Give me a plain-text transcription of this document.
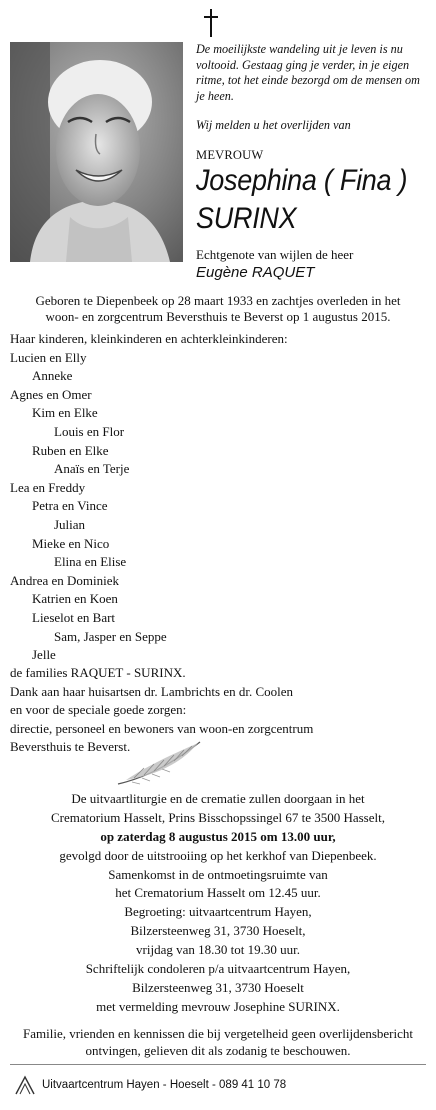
De moeilijkste wandeling uit je leven is nu voltooid. Gestaag ging je verder, in je eigen ritme, tot het einde bezorgd om de mensen om je heen.

Wij melden u het overlijden van

MEVROUW
Josephina ( Fina )
SURINX
Echtgenote van wijlen de heer
Eugène RAQUET

Geboren te Diepenbeek op 28 maart 1933 en zachtjes overleden in het

woon- en zorgcentrum Beversthuis te Beverst op 1 augustus 2015.

Haar kinderen, kleinkinderen en achterkleinkinderen:
Lucien en Elly
Anneke
Agnes en Omer
Kim en Elke
Louis en Flor
Ruben en Elke
Anaïs en Terje
Lea en Freddy
Petra en Vince
Julian
Mieke en Nico
Elina en Elise
Andrea en Dominiek
Katrien en Koen
Lieselot en Bart
Sam, Jasper en Seppe
Jelle
de families RAQUET - SURINX.
Dank aan haar huisartsen dr. Lambrichts en dr. Coolen
en voor de speciale goede zorgen:
directie, personeel en bewoners van woon-en zorgcentrum
Beversthuis te Beverst.
De uitvaartliturgie en de crematie zullen doorgaan in het
Crematorium Hasselt, Prins Bisschopssingel 67 te 3500 Hasselt,
op zaterdag 8 augustus 2015 om 13.00 uur,
gevolgd door de uitstrooiing op het kerkhof van Diepenbeek.
Samenkomst in de ontmoetingsruimte van
het Crematorium Hasselt om 12.45 uur.
Begroeting: uitvaartcentrum Hayen,
Bilzersteenweg 31, 3730 Hoeselt,
vrijdag van 18.30 tot 19.30 uur.
Schriftelijk condoleren p/a uitvaartcentrum Hayen,
Bilzersteenweg 31, 3730 Hoeselt
met vermelding mevrouw Josephine SURINX.

Familie, vrienden en kennissen die bij vergetelheid geen overlijdensbericht

ontvingen, gelieven dit als zodanig te beschouwen.

Uitvaartcentrum Hayen - Hoeselt - 089 41 10 78
